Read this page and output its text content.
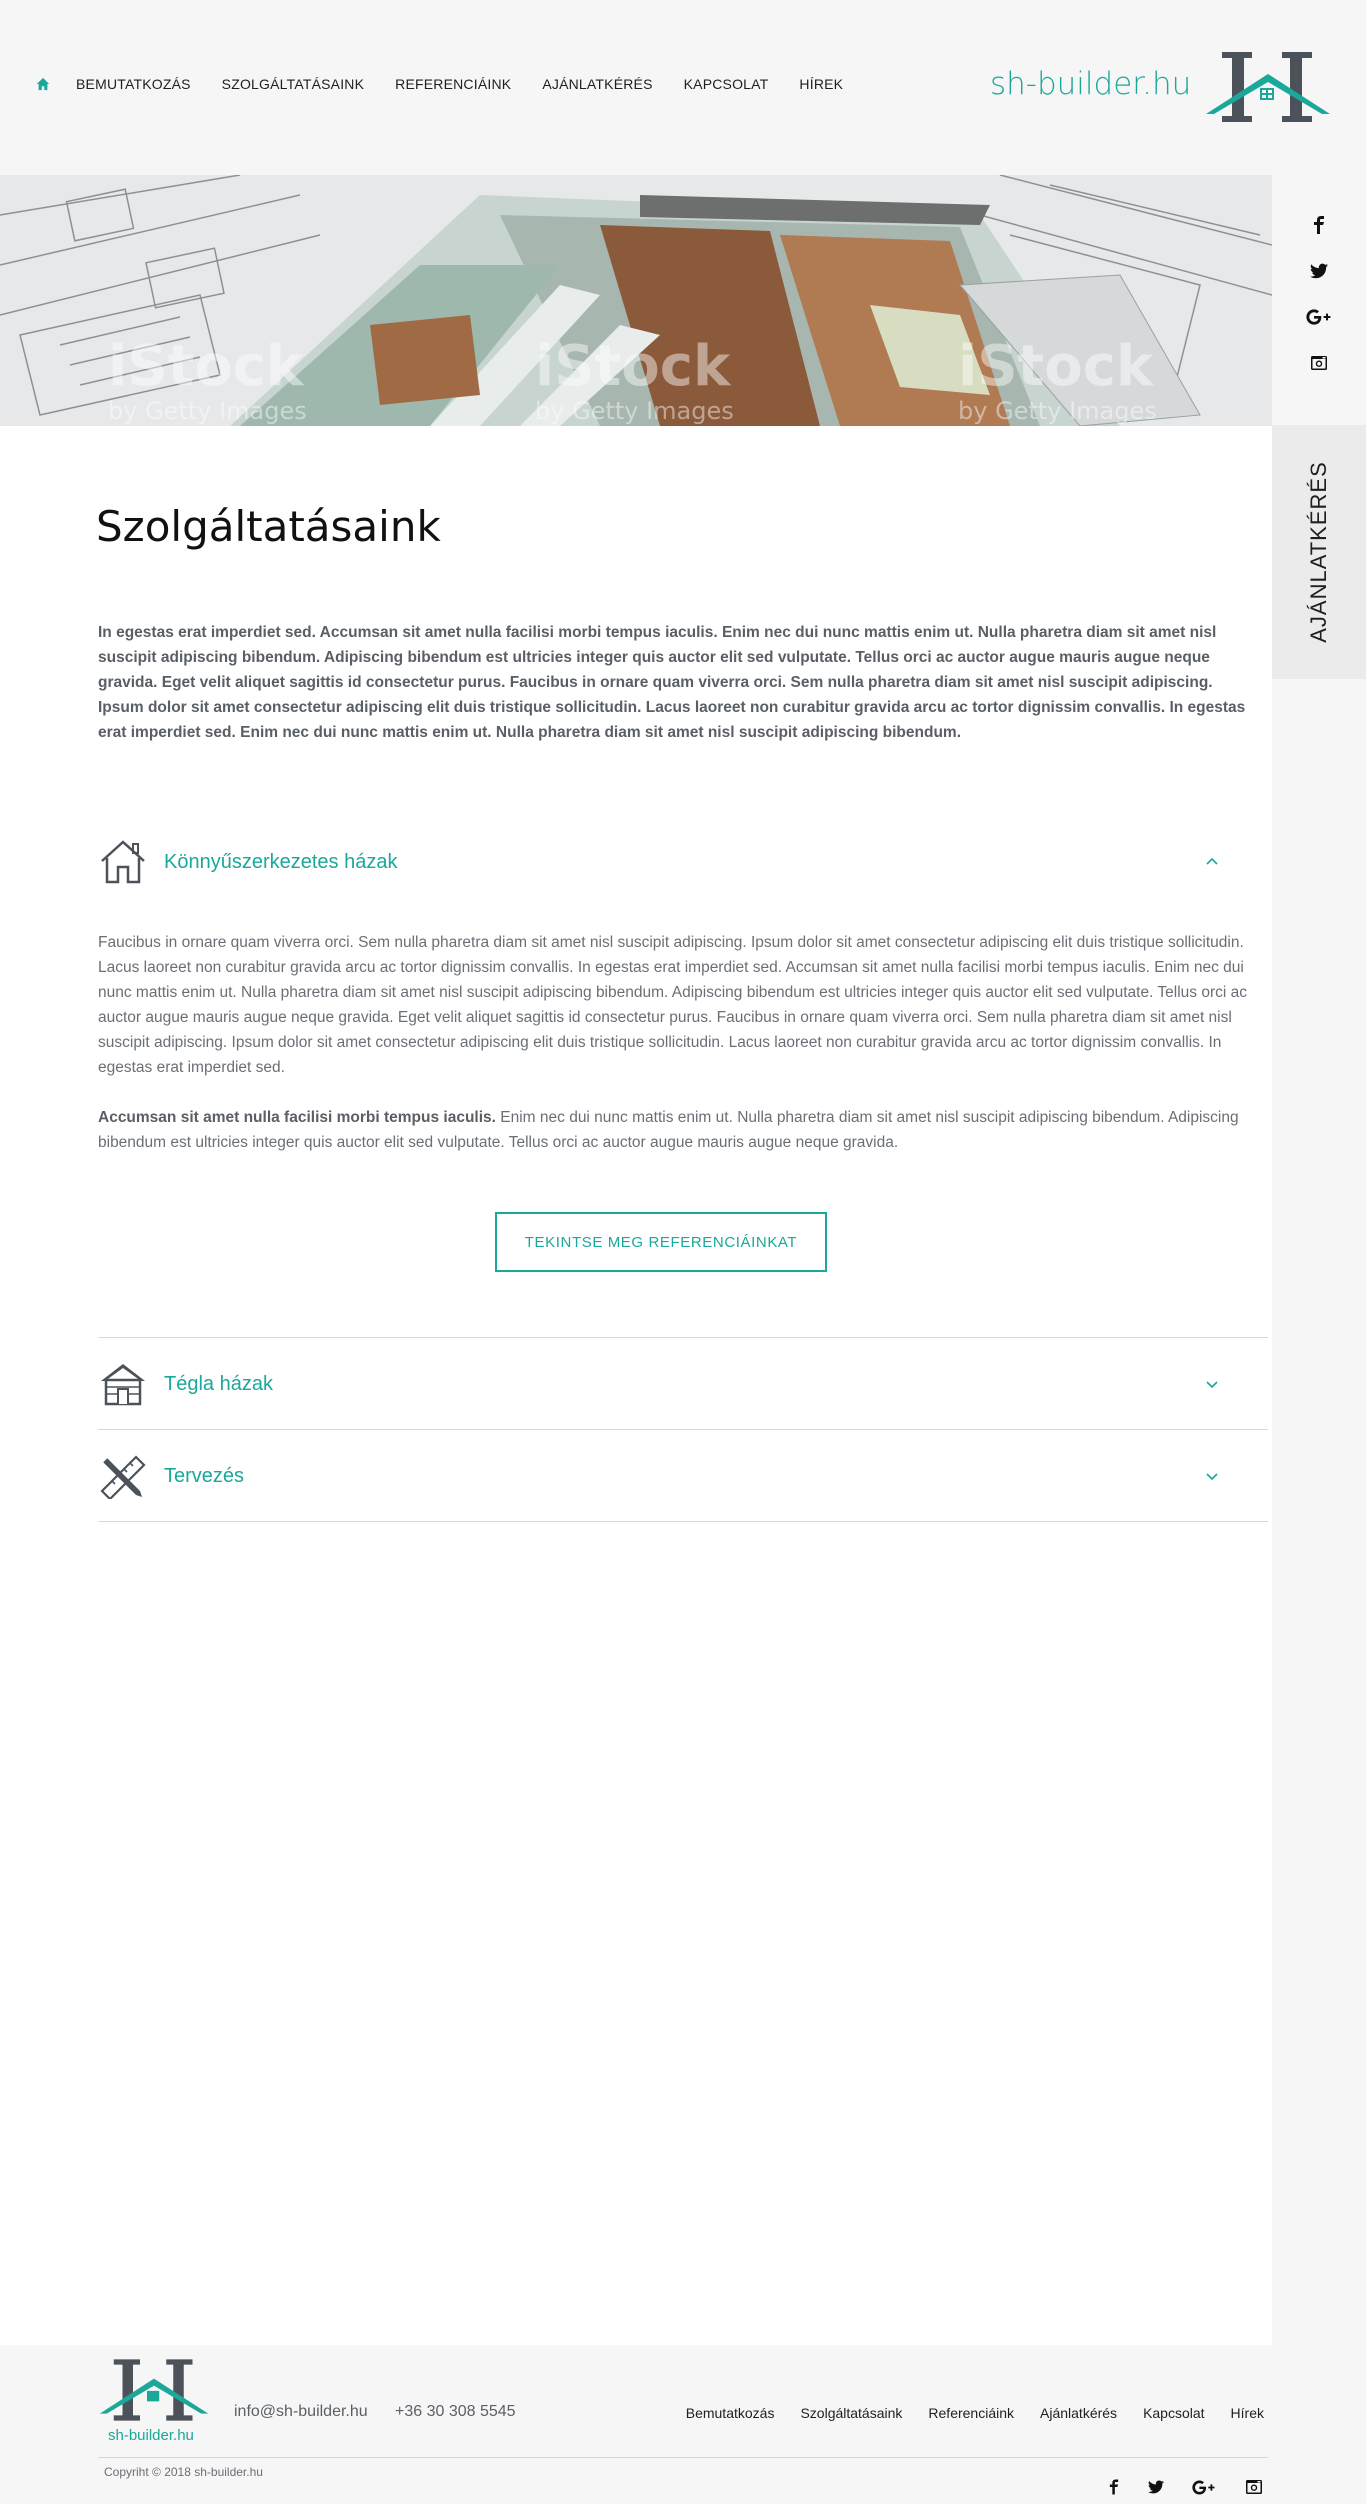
BEMUTATKOZÁS SZOLGÁLTATÁSAINK REFERENCIÁINK AJÁNLATKÉRÉS KAPCSOLAT HÍREK	sh-builder.hu
iStock
by Getty Images
iStock
by Getty Images
iStock
by Getty Images
AJÁNLATKÉRÉS
Szolgáltatásaink

In egestas erat imperdiet sed. Accumsan sit amet nulla facilisi morbi tempus iaculis. Enim nec dui nunc mattis enim ut. Nulla pharetra diam sit amet nisl suscipit adipiscing bibendum. Adipiscing bibendum est ultricies integer quis auctor elit sed vulputate. Tellus orci ac auctor augue mauris augue neque gravida. Eget velit aliquet sagittis id consectetur purus. Faucibus in ornare quam viverra orci. Sem nulla pharetra diam sit amet nisl suscipit adipiscing. Ipsum dolor sit amet consectetur adipiscing elit duis tristique sollicitudin. Lacus laoreet non curabitur gravida arcu ac tortor dignissim convallis. In egestas erat imperdiet sed. Enim nec dui nunc mattis enim ut. Nulla pharetra diam sit amet nisl suscipit adipiscing bibendum.

Könnyűszerkezetes házak

Faucibus in ornare quam viverra orci. Sem nulla pharetra diam sit amet nisl suscipit adipiscing. Ipsum dolor sit amet consectetur adipiscing elit duis tristique sollicitudin. Lacus laoreet non curabitur gravida arcu ac tortor dignissim convallis. In egestas erat imperdiet sed. Accumsan sit amet nulla facilisi morbi tempus iaculis. Enim nec dui nunc mattis enim ut. Nulla pharetra diam sit amet nisl suscipit adipiscing bibendum. Adipiscing bibendum est ultricies integer quis auctor elit sed vulputate. Tellus orci ac auctor augue mauris augue neque gravida. Eget velit aliquet sagittis id consectetur purus. Faucibus in ornare quam viverra orci. Sem nulla pharetra diam sit amet nisl suscipit adipiscing. Ipsum dolor sit amet consectetur adipiscing elit duis tristique sollicitudin. Lacus laoreet non curabitur gravida arcu ac tortor dignissim convallis. In egestas erat imperdiet sed.

Accumsan sit amet nulla facilisi morbi tempus iaculis. Enim nec dui nunc mattis enim ut. Nulla pharetra diam sit amet nisl suscipit adipiscing bibendum. Adipiscing bibendum est ultricies integer quis auctor elit sed vulputate. Tellus orci ac auctor augue mauris augue neque gravida.

TEKINTSE MEG REFERENCIÁINKAT
Tégla házak
Tervezés
sh-builder.hu
info@sh-builder.hu +36 30 308 5545	Bemutatkozás Szolgáltatásaink Referenciáink Ajánlatkérés Kapcsolat Hírek
Copyriht © 2018 sh-builder.hu
